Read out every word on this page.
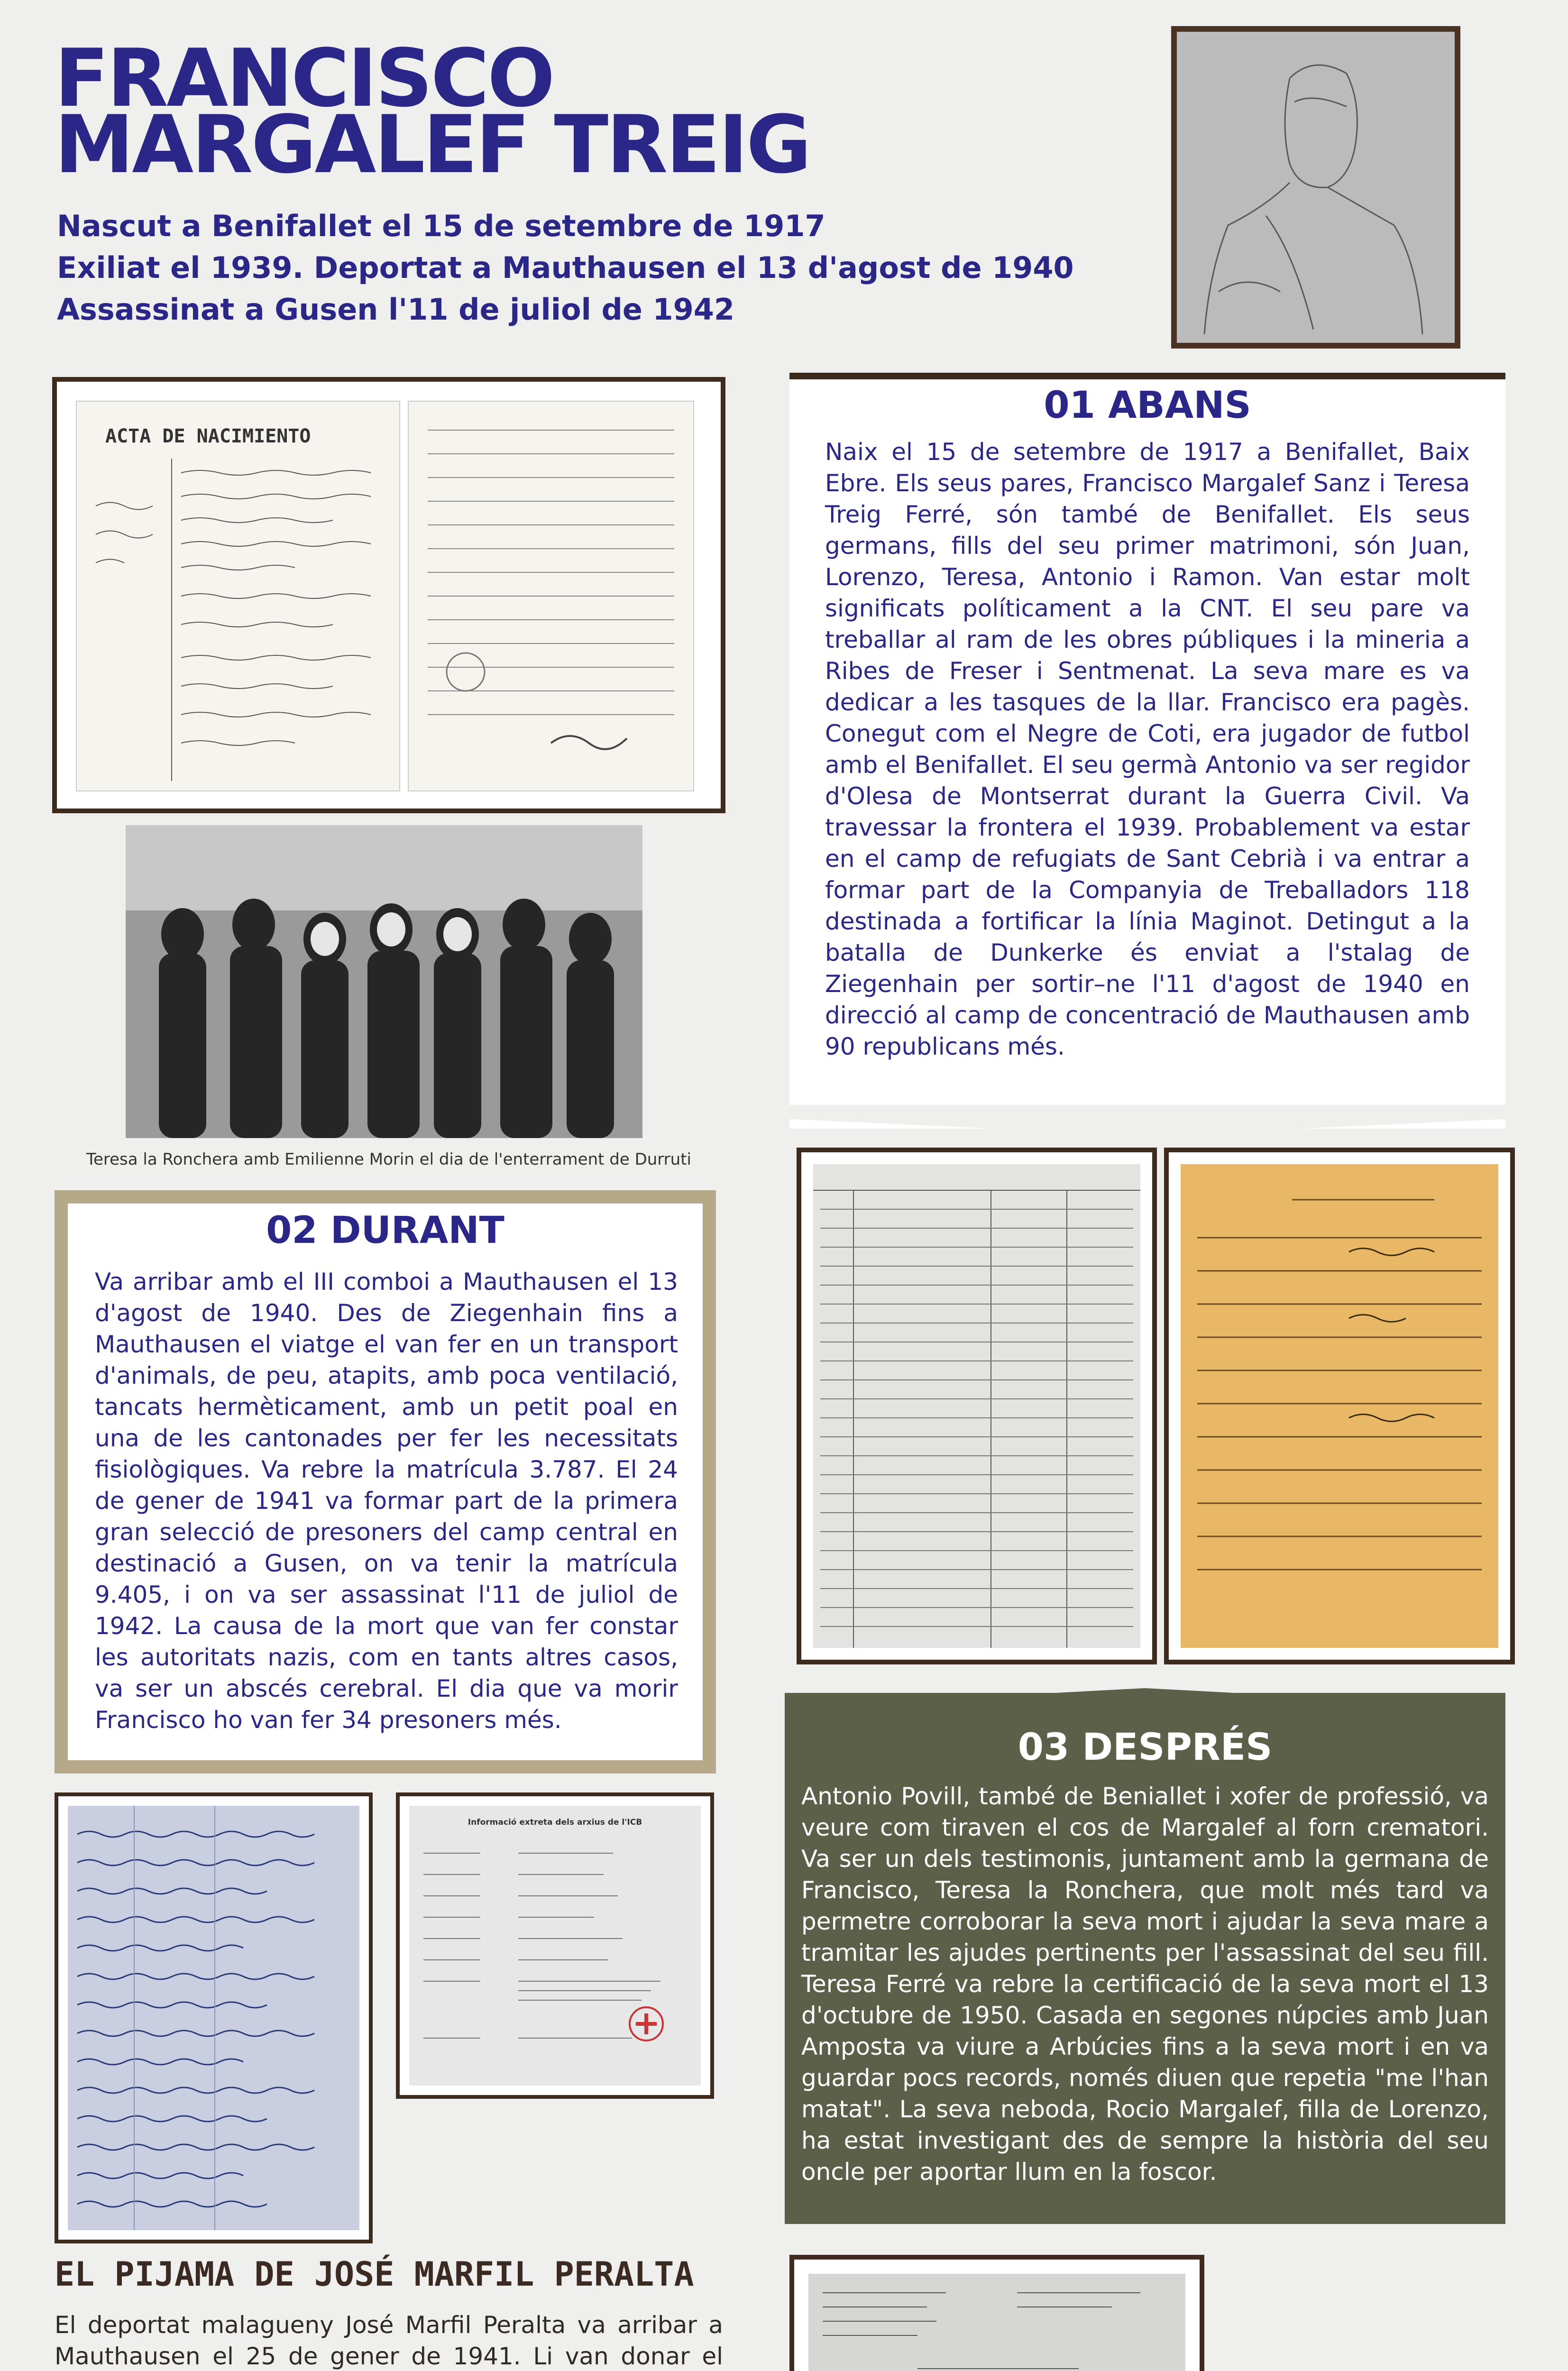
FRANCISCO
MARGALEF TREIG
Nascut a Benifallet el 15 de setembre de 1917
Exiliat el 1939. Deportat a Mauthausen el 13 d'agost de 1940
Assassinat a Gusen l'11 de juliol de 1942
ACTA DE NACIMIENTO
Teresa la Ronchera amb Emilienne Morin el dia de l'enterrament de Durruti
01 ABANS
Naix el 15 de setembre de 1917 a Benifallet, Baix Ebre. Els seus pares, Francisco Margalef Sanz i Teresa Treig Ferré, són també de Benifallet. Els seus germans, fills del seu primer matrimoni, són Juan, Lorenzo, Teresa, Antonio i Ramon. Van estar molt significats políticament a la CNT. El seu pare va treballar al ram de les obres públiques i la mineria a Ribes de Freser i Sentmenat. La seva mare es va dedicar a les tasques de la llar. Francisco era pagès. Conegut com el Negre de Coti, era jugador de futbol amb el Benifallet. El seu germà Antonio va ser regidor d'Olesa de Montserrat durant la Guerra Civil. Va travessar la frontera el 1939. Probablement va estar en el camp de refugiats de Sant Cebrià i va entrar a formar part de la Companyia de Treballadors 118 destinada a fortificar la línia Maginot. Detingut a la batalla de Dunkerke és enviat a l'stalag de Ziegenhain per sortir–ne l'11 d'agost de 1940 en direcció al camp de concentració de Mauthausen amb 90 republicans més.
02 DURANT
Va arribar amb el III comboi a Mauthausen el 13 d'agost de 1940. Des de Ziegenhain fins a Mauthausen el viatge el van fer en un transport d'animals, de peu, atapits, amb poca ventilació, tancats hermèticament, amb un petit poal en una de les cantonades per fer les necessitats fisiològiques. Va rebre la matrícula 3.787. El 24 de gener de 1941 va formar part de la primera gran selecció de presoners del camp central en destinació a Gusen, on va tenir la matrícula 9.405, i on va ser assassinat l'11 de juliol de 1942. La causa de la mort que van fer constar les autoritats nazis, com en tants altres casos, va ser un abscés cerebral. El dia que va morir Francisco ho van fer 34 presoners més.
03 DESPRÉS
Antonio Povill, també de Beniallet i xofer de professió, va veure com tiraven el cos de Margalef al forn crematori. Va ser un dels testimonis, juntament amb la germana de Francisco, Teresa la Ronchera, que molt més tard va permetre corroborar la seva mort i ajudar la seva mare a tramitar les ajudes pertinents per l'assassinat del seu fill. Teresa Ferré va rebre la certificació de la seva mort el 13 d'octubre de 1950. Casada en segones núpcies amb Juan Amposta va viure a Arbúcies fins a la seva mort i en va guardar pocs records, només diuen que repetia "me l'han matat". La seva neboda, Rocio Margalef, filla de Lorenzo, ha estat investigant des de sempre la història del seu oncle per aportar llum en la foscor.
Informació extreta dels arxius de l'ICB
EL PIJAMA DE JOSÉ MARFIL PERALTA
El deportat malagueny José Marfil Peralta va arribar a Mauthausen el 25 de gener de 1941. Li van donar el
